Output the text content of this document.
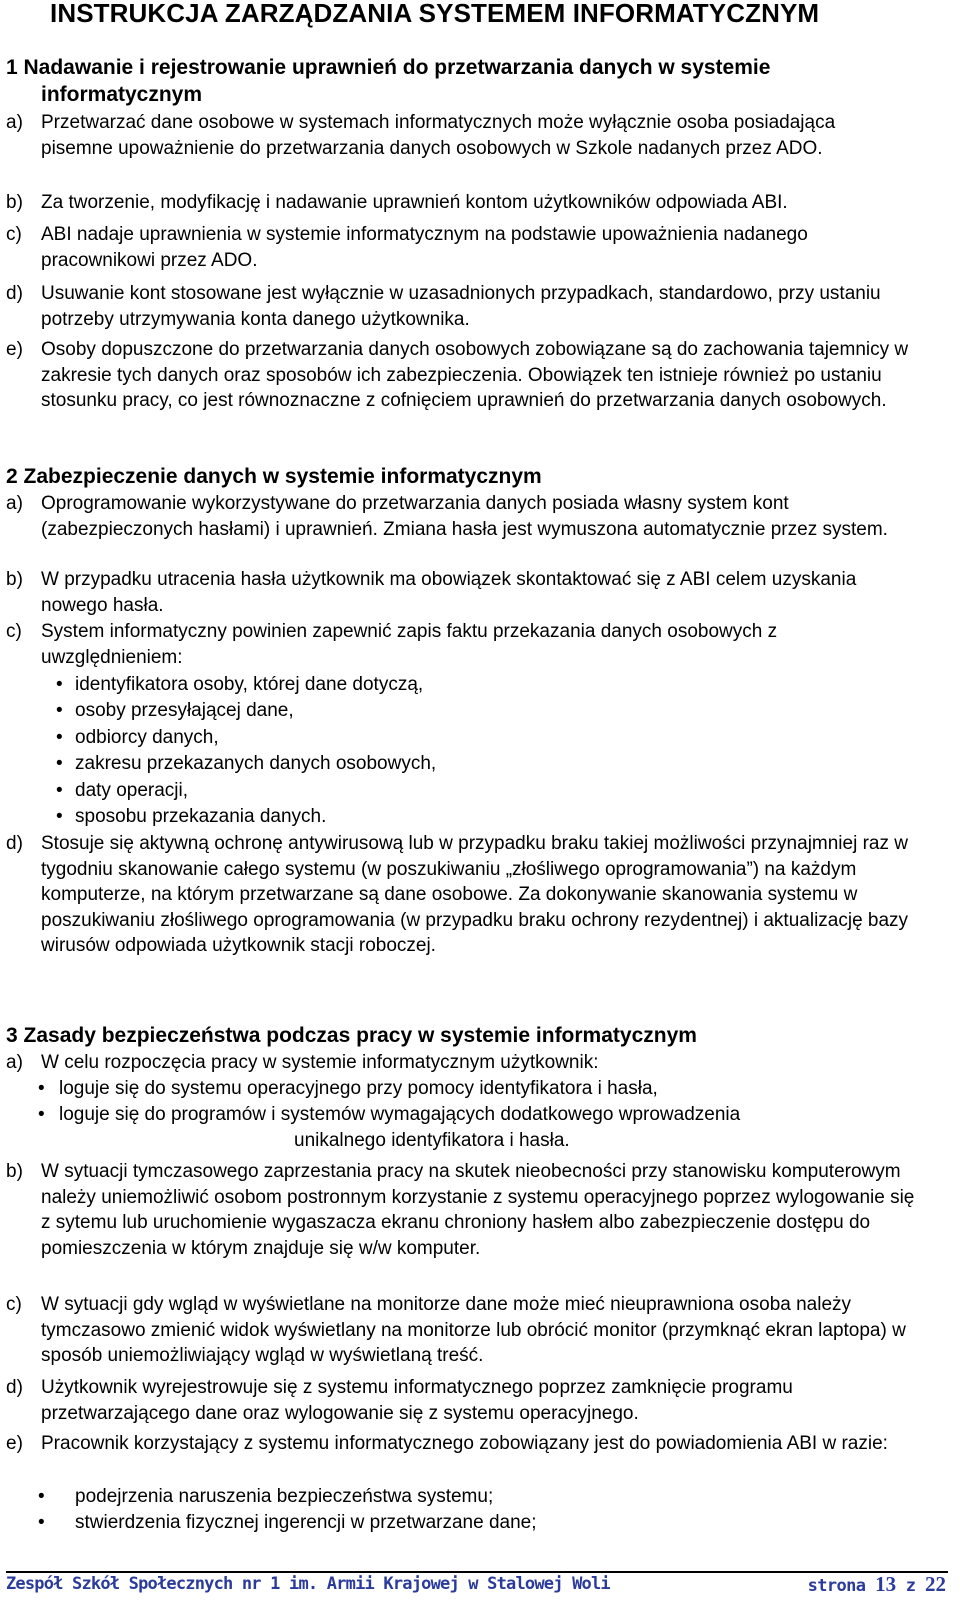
INSTRUKCJA ZARZĄDZANIA SYSTEMEM INFORMATYCZNYM
1 Nadawanie i rejestrowanie uprawnień do przetwarzania danych w systemie
informatycznym
a) Przetwarzać dane osobowe w systemach informatycznych może wyłącznie osoba posiadająca pisemne upoważnienie do przetwarzania danych osobowych w Szkole nadanych przez ADO.
b) Za tworzenie, modyfikację i nadawanie uprawnień kontom użytkowników odpowiada ABI.
c)	ABI nadaje uprawnienia w systemie informatycznym na podstawie upoważnienia nadanego pracownikowi przez ADO.
d) Usuwanie kont stosowane jest wyłącznie w uzasadnionych przypadkach, standardowo, przy ustaniu potrzeby utrzymywania konta danego użytkownika.
e) Osoby dopuszczone do przetwarzania danych osobowych zobowiązane są do zachowania tajemnicy w zakresie tych danych oraz sposobów ich zabezpieczenia. Obowiązek ten istnieje również po ustaniu stosunku pracy, co jest równoznaczne z cofnięciem uprawnień do przetwarzania danych osobowych.
2 Zabezpieczenie danych w systemie informatycznym
a) Oprogramowanie wykorzystywane do przetwarzania danych posiada własny system kont (zabezpieczonych hasłami) i uprawnień. Zmiana hasła jest wymuszona automatycznie przez system.
b) W przypadku utracenia hasła użytkownik ma obowiązek skontaktować się z ABI celem uzyskania nowego hasła.
c)	System informatyczny powinien zapewnić zapis faktu przekazania danych osobowych z uwzględnieniem:
• identyfikatora osoby, której dane dotyczą,
• osoby przesyłającej dane,
• odbiorcy danych,
• zakresu przekazanych danych osobowych,
• daty operacji,
• sposobu przekazania danych.
d) Stosuje się aktywną ochronę antywirusową lub w przypadku braku takiej możliwości przynajmniej raz w tygodniu skanowanie całego systemu (w poszukiwaniu „złośliwego oprogramowania”) na każdym komputerze, na którym przetwarzane są dane osobowe. Za dokonywanie skanowania systemu w poszukiwaniu złośliwego oprogramowania (w przypadku braku ochrony rezydentnej) i aktualizację bazy wirusów odpowiada użytkownik stacji roboczej.
3 Zasady bezpieczeństwa podczas pracy w systemie informatycznym
a) W celu rozpoczęcia pracy w systemie informatycznym użytkownik:
• loguje się do systemu operacyjnego przy pomocy identyfikatora i hasła,
• loguje się do programów i systemów wymagających dodatkowego wprowadzenia
unikalnego identyfikatora i hasła.
b) W sytuacji tymczasowego zaprzestania pracy na skutek nieobecności przy stanowisku komputerowym należy uniemożliwić osobom postronnym korzystanie z systemu operacyjnego poprzez wylogowanie się z sytemu lub uruchomienie wygaszacza ekranu chroniony hasłem albo zabezpieczenie dostępu do pomieszczenia w którym znajduje się w/w komputer.
c)	W sytuacji gdy wgląd w wyświetlane na monitorze dane może mieć nieuprawniona osoba należy tymczasowo zmienić widok wyświetlany na monitorze lub obrócić monitor (przymknąć ekran laptopa) w sposób uniemożliwiający wgląd w wyświetlaną treść.
d) Użytkownik wyrejestrowuje się z systemu informatycznego poprzez zamknięcie programu przetwarzającego dane oraz wylogowanie się z systemu operacyjnego.
e) Pracownik korzystający z systemu informatycznego zobowiązany jest do powiadomienia ABI w razie:
• podejrzenia naruszenia bezpieczeństwa systemu;
• stwierdzenia fizycznej ingerencji w przetwarzane dane;
Zespół Szkół Społecznych nr 1 im. Armii Krajowej w Stalowej Woli	strona 13 z 22
